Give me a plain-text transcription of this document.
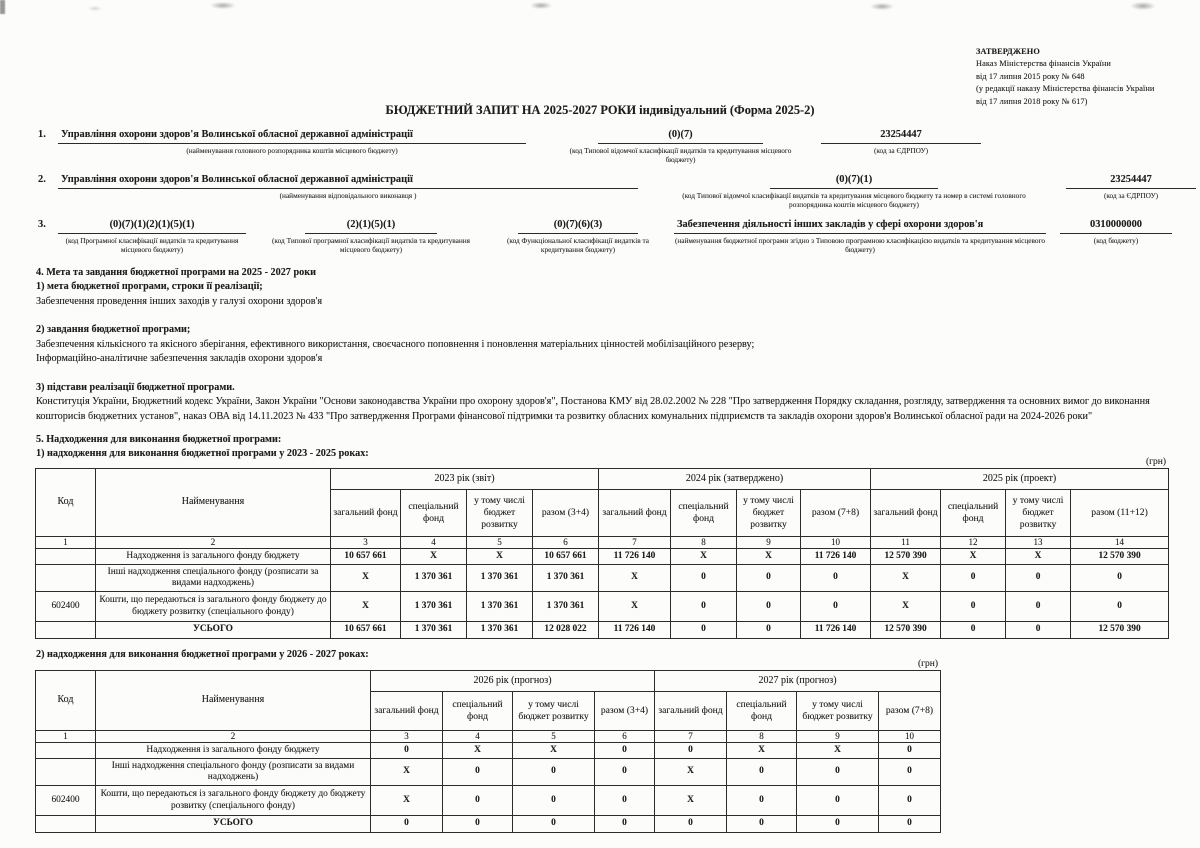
ЗАТВЕРДЖЕНО
Наказ Міністерства фінансів України
від 17 липня 2015 року № 648
(у редакції наказу Міністерства фінансів України
від 17 липня 2018 року № 617)
БЮДЖЕТНИЙ ЗАПИТ НА 2025-2027 РОКИ індивідуальний (Форма 2025-2)
1.	Управління охорони здоров'я Волинської обласної державної адміністрації
(найменування головного розпорядника коштів місцевого бюджету)
(0)(7)
(код Типової відомчої класифікації видатків та кредитування місцевого бюджету)
23254447
(код за ЄДРПОУ)
2.	Управління охорони здоров'я Волинської обласної державної адміністрації
(найменування відповідального виконавця )
(0)(7)(1)
(код Типової відомчої класифікації видатків та кредитування місцевого бюджету та номер в системі головного розпорядника коштів місцевого бюджету)
23254447
(код за ЄДРПОУ)
3.	(0)(7)(1)(2)(1)(5)(1)
(код Програмної класифікації видатків та кредитування місцевого бюджету)
(2)(1)(5)(1)
(код Типової програмної класифікації видатків та кредитування місцевого бюджету)
(0)(7)(6)(3)
(код Функціональної класифікації видатків та кредитування бюджету)
Забезпечення діяльності інших закладів у сфері охорони здоров'я
(найменування бюджетної програми згідно з Типовою програмною класифікацією видатків та кредитування місцевого бюджету)
0310000000
(код бюджету)
4. Мета та завдання бюджетної програми на 2025 - 2027 роки
1) мета бюджетної програми, строки її реалізації;
Забезпечення проведення інших заходів у галузі охорони здоров'я
2) завдання бюджетної програми;
Забезпечення кількісного та якісного зберігання, ефективного використання, своєчасного поповнення і поновлення матеріальних цінностей мобілізаційного резерву;
Інформаційно-аналітичне забезпечення закладів охорони здоров'я
3) підстави реалізації бюджетної програми.
Конституція України, Бюджетний кодекс України, Закон України "Основи законодавства України про охорону здоров'я", Постанова КМУ від 28.02.2002 № 228 "Про затвердження Порядку складання, розгляду, затвердження та основних вимог до виконання кошторисів бюджетних установ", наказ ОВА від 14.11.2023 № 433 "Про затвердження Програми фінансової підтримки та розвитку обласних комунальних підприємств та закладів охорони здоров'я Волинської обласної ради на 2024-2026 роки"
5. Надходження для виконання бюджетної програми:
1) надходження для виконання бюджетної програми у 2023 - 2025 роках:
(грн)
Код	Найменування	2023 рік (звіт)				2024 рік (затверджено)				2025 рік (проект)			
		загальний фонд	спеціальний фонд	у тому числі бюджет розвитку	разом (3+4)	загальний фонд	спеціальний фонд	у тому числі бюджет розвитку	разом (7+8)	загальний фонд	спеціальний фонд	у тому числі бюджет розвитку	разом (11+12)
1	2	3	4	5	6	7	8	9	10	11	12	13	14
	Надходження із загального фонду бюджету	10 657 661	X	X	10 657 661	11 726 140	X	X	11 726 140	12 570 390	X	X	12 570 390
	Інші надходження спеціального фонду (розписати за видами надходжень)	X	1 370 361	1 370 361	1 370 361	X	0	0	0	X	0	0	0
602400	Кошти, що передаються із загального фонду бюджету до бюджету розвитку (спеціального фонду)	X	1 370 361	1 370 361	1 370 361	X	0	0	0	X	0	0	0
	УСЬОГО	10 657 661	1 370 361	1 370 361	12 028 022	11 726 140	0	0	11 726 140	12 570 390	0	0	12 570 390
2) надходження для виконання бюджетної програми у 2026 - 2027 роках:
(грн)
Код	Найменування	2026 рік (прогноз)				2027 рік (прогноз)			
		загальний фонд	спеціальний фонд	у тому числі бюджет розвитку	разом (3+4)	загальний фонд	спеціальний фонд	у тому числі бюджет розвитку	разом (7+8)
1	2	3	4	5	6	7	8	9	10
	Надходження із загального фонду бюджету	0	X	X	0	0	X	X	0
	Інші надходження спеціального фонду (розписати за видами надходжень)	X	0	0	0	X	0	0	0
602400	Кошти, що передаються із загального фонду бюджету до бюджету розвитку (спеціального фонду)	X	0	0	0	X	0	0	0
	УСЬОГО	0	0	0	0	0	0	0	0
